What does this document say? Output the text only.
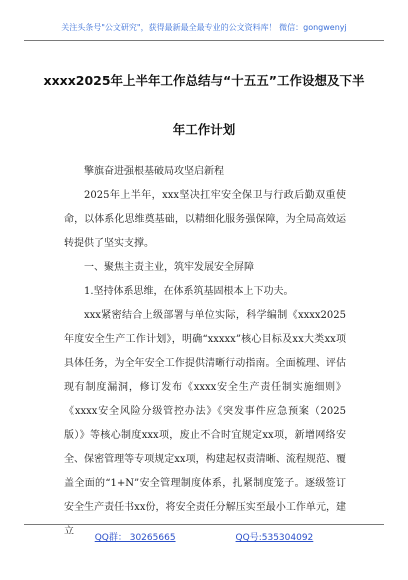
关注头条号"公文研究"，获得最新最全最专业的公文资料库！ 微信：gongwenyj
xxxx2025年上半年工作总结与“十五五”工作设想及下半
年工作计划

擎旗奋进强根基破局攻坚启新程

2025年上半年，xxx坚决扛牢安全保卫与行政后勤双重使命，以体系化思维奠基础，以精细化服务强保障，为全局高效运转提供了坚实支撑。

一、聚焦主责主业，筑牢发展安全屏障

1.坚持体系思维，在体系筑基固根本上下功夫。

xxx紧密结合上级部署与单位实际，科学编制《xxxx2025年度安全生产工作计划》，明确“xxxxx”核心目标及xx大类xx项具体任务，为全年安全工作提供清晰行动指南。全面梳理、评估现有制度漏洞，修订发布《xxxx安全生产责任制实施细则》《xxxx安全风险分级管控办法》《突发事件应急预案（2025版）》等核心制度xxx项，废止不合时宜规定xx项，新增网络安全、保密管理等专项规定xx项，构建起权责清晰、流程规范、覆盖全面的“1+N”安全管理制度体系，扎紧制度笼子。逐级签订安全生产责任书xx份，将安全责任分解压实至最小工作单元，建立

QQ群： 30265665	QQ号:535304092
